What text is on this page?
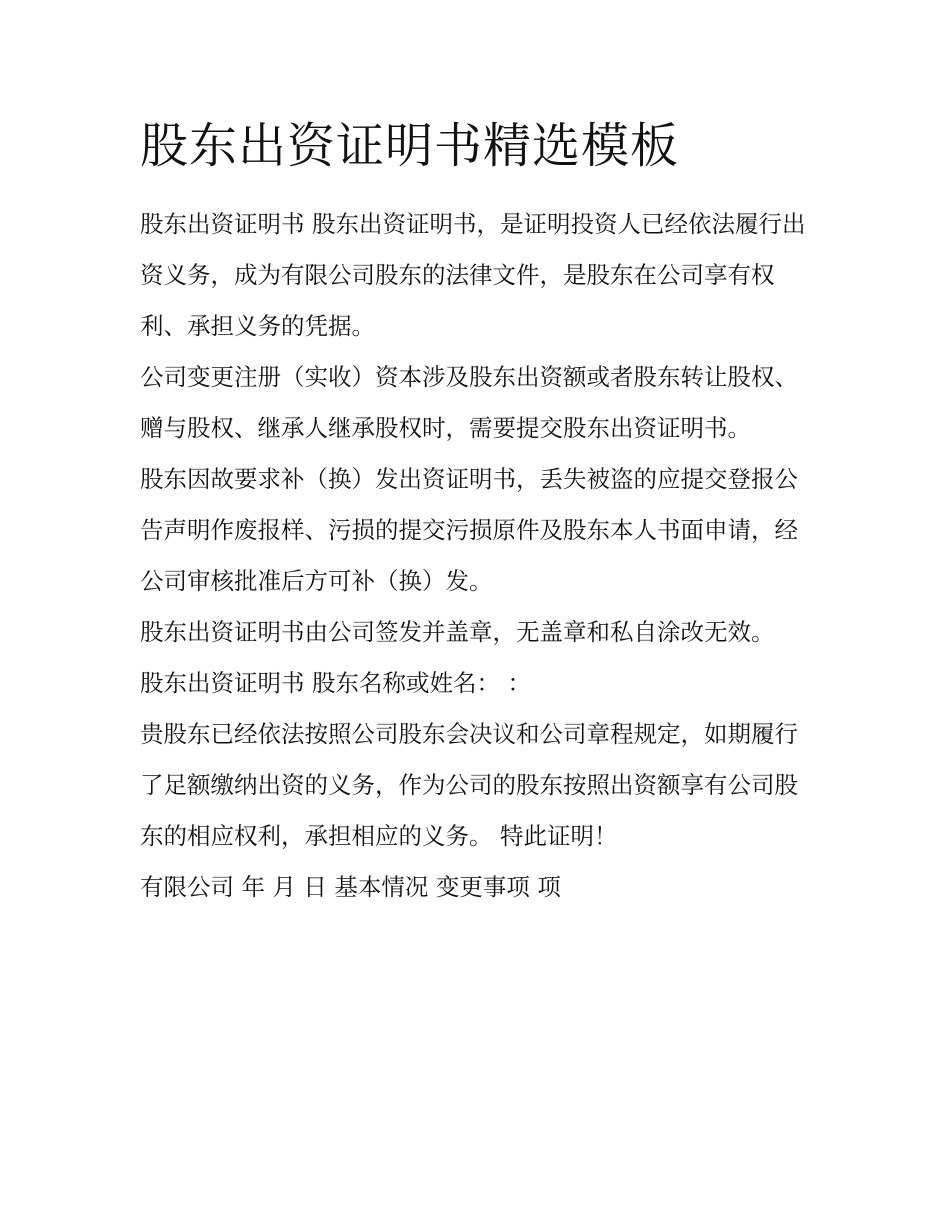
股东出资证明书精选模板

股东出资证明书 股东出资证明书，是证明投资人已经依法履行出资义务，成为有限公司股东的法律文件，是股东在公司享有权利、承担义务的凭据。

公司变更注册（实收）资本涉及股东出资额或者股东转让股权、赠与股权、继承人继承股权时，需要提交股东出资证明书。

股东因故要求补（换）发出资证明书，丢失被盗的应提交登报公告声明作废报样、污损的提交污损原件及股东本人书面申请，经公司审核批准后方可补（换）发。

股东出资证明书由公司签发并盖章，无盖章和私自涂改无效。

股东出资证明书 股东名称或姓名： ：

贵股东已经依法按照公司股东会决议和公司章程规定，如期履行了足额缴纳出资的义务，作为公司的股东按照出资额享有公司股东的相应权利，承担相应的义务。 特此证明！

有限公司 年 月 日 基本情况 变更事项 项
